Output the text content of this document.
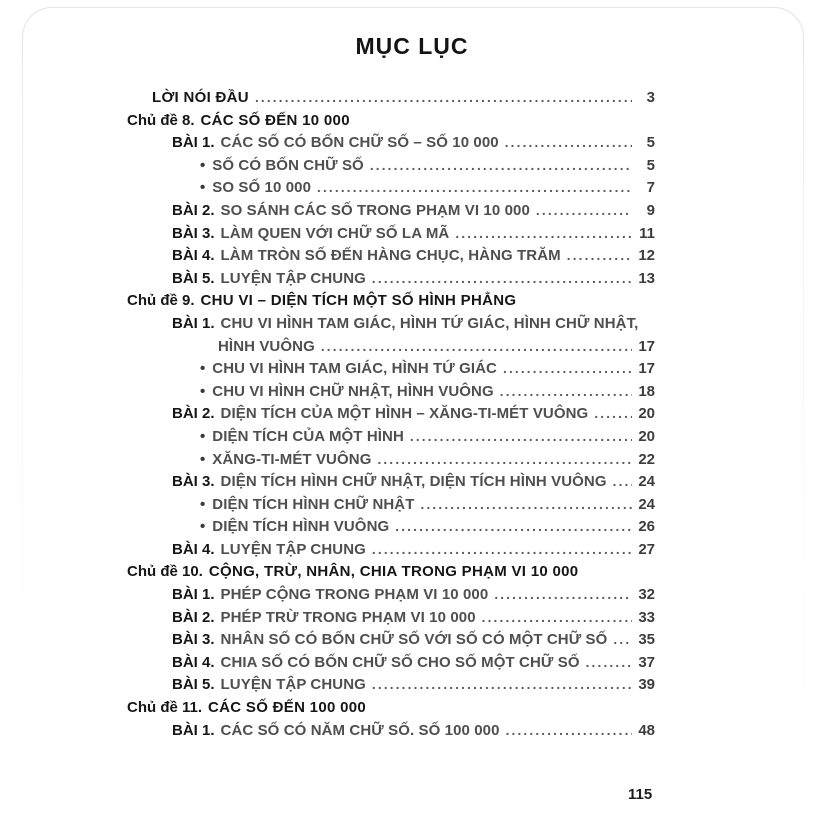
MỤC LỤC
LỜI NÓI ĐẦU .....	3
Chủ đề 8. CÁC SỐ ĐẾN 10 000
BÀI 1. CÁC SỐ CÓ BỐN CHỮ SỐ – SỐ 10 000 .....	5
• SỐ CÓ BỐN CHỮ SỐ .....	5
• SO SỐ 10 000 .....	7
BÀI 2. SO SÁNH CÁC SỐ TRONG PHẠM VI 10 000 .....	9
BÀI 3. LÀM QUEN VỚI CHỮ SỐ LA MÃ .....	11
BÀI 4. LÀM TRÒN SỐ ĐẾN HÀNG CHỤC, HÀNG TRĂM .....	12
BÀI 5. LUYỆN TẬP CHUNG .....	13
Chủ đề 9. CHU VI – DIỆN TÍCH MỘT SỐ HÌNH PHẲNG
BÀI 1. CHU VI HÌNH TAM GIÁC, HÌNH TỨ GIÁC, HÌNH CHỮ NHẬT,
HÌNH VUÔNG .....	17
• CHU VI HÌNH TAM GIÁC, HÌNH TỨ GIÁC .....	17
• CHU VI HÌNH CHỮ NHẬT, HÌNH VUÔNG .....	18
BÀI 2. DIỆN TÍCH CỦA MỘT HÌNH – XĂNG-TI-MÉT VUÔNG .....	20
• DIỆN TÍCH CỦA MỘT HÌNH .....	20
• XĂNG-TI-MÉT VUÔNG .....	22
BÀI 3. DIỆN TÍCH HÌNH CHỮ NHẬT, DIỆN TÍCH HÌNH VUÔNG ..... 24
• DIỆN TÍCH HÌNH CHỮ NHẬT .....	24
• DIỆN TÍCH HÌNH VUÔNG .....	26
BÀI 4. LUYỆN TẬP CHUNG .....	27
Chủ đề 10. CỘNG, TRỪ, NHÂN, CHIA TRONG PHẠM VI 10 000
BÀI 1. PHÉP CỘNG TRONG PHẠM VI 10 000 .....	32
BÀI 2. PHÉP TRỪ TRONG PHẠM VI 10 000 .....	33
BÀI 3. NHÂN SỐ CÓ BỐN CHỮ SỐ VỚI SỐ CÓ MỘT CHỮ SỐ ..... 35
BÀI 4. CHIA SỐ CÓ BỐN CHỮ SỐ CHO SỐ MỘT CHỮ SỐ .....	37
BÀI 5. LUYỆN TẬP CHUNG .....	39
Chủ đề 11. CÁC SỐ ĐẾN 100 000
BÀI 1. CÁC SỐ CÓ NĂM CHỮ SỐ. SỐ 100 000 .....	48
115
